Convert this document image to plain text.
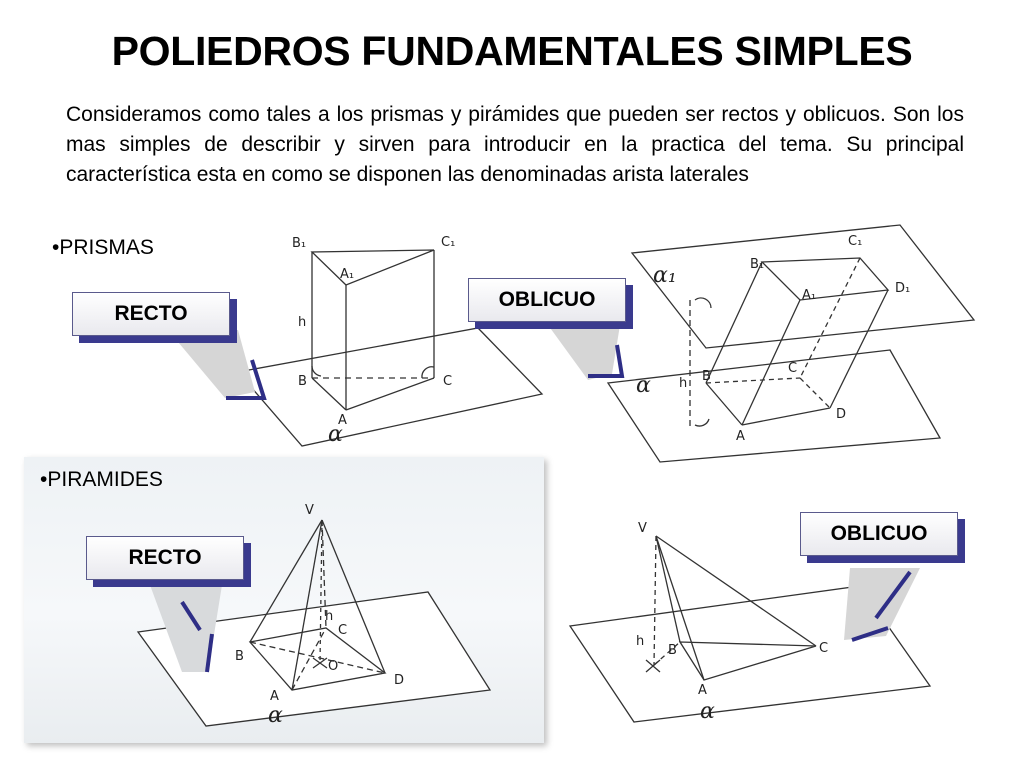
POLIEDROS FUNDAMENTALES SIMPLES
Consideramos como tales a los prismas y pirámides que pueden ser rectos y oblicuos. Son los mas simples de describir y sirven para introducir en la practica del tema. Su principal característica esta en como se disponen las denominadas arista laterales
•PRISMAS
•PIRAMIDES
B₁	C₁
A₁
h
B	C
A
α
α₁
C₁
B₁
A₁	D₁
α h B
C
D
A
V
h
C
B
O
D
A
α
V
h
B	C
A
α
RECTO
OBLICUO
RECTO
OBLICUO
